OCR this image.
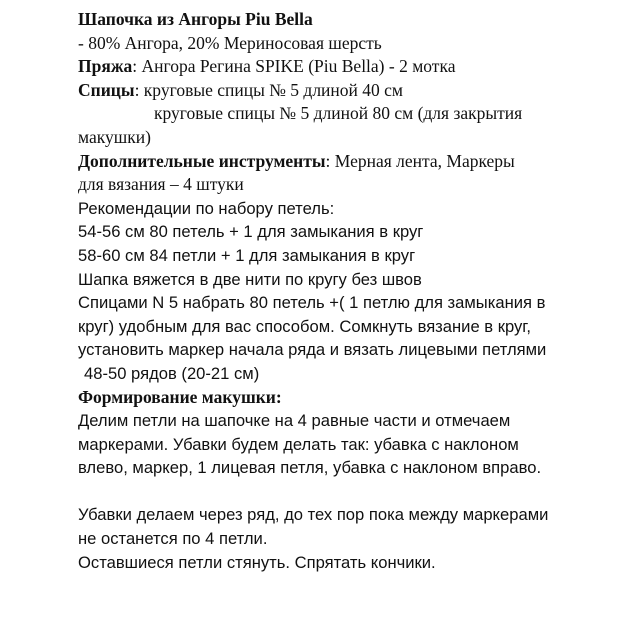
Шапочка из Ангоры Piu Bella
- 80% Ангора, 20% Мериносовая шерсть
Пряжа: Ангора Регина SPIKE (Piu Bella) - 2 мотка
Спицы: круговые спицы № 5 длиной 40 см
круговые спицы № 5 длиной 80 см (для закрытия
макушки)
Дополнительные инструменты: Мерная лента, Маркеры
для вязания – 4 штуки
Рекомендации по набору петель:
54-56 см 80 петель + 1 для замыкания в круг
58-60 см 84 петли + 1 для замыкания в круг
Шапка вяжется в две нити по кругу без швов
Спицами N 5 набрать 80 петель +( 1 петлю для замыкания в
круг) удобным для вас способом. Сомкнуть вязание в круг,
установить маркер начала ряда и вязать лицевыми петлями
48-50 рядов (20-21 см)
Формирование макушки:
Делим петли на шапочке на 4 равные части и отмечаем
маркерами. Убавки будем делать так: убавка с наклоном
влево, маркер, 1 лицевая петля, убавка с наклоном вправо.
Убавки делаем через ряд, до тех пор пока между маркерами
не останется по 4 петли.
Оставшиеся петли стянуть. Спрятать кончики.
